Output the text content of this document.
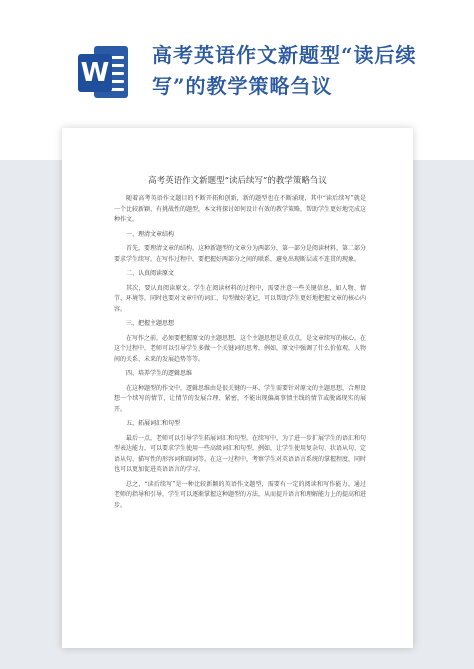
W
高考英语作文新题型“读后续写”的教学策略刍议
高考英语作文新题型“读后续写”的教学策略刍议

随着高考英语作文题目的不断开拓和创新，新的题型也在不断涌现，其中“读后续写”就是一个比较新颖、有挑战性的题型。本文将探讨如何设计有效的教学策略，帮助学生更好地完成这种作文。

一、理清文章结构

首先，要理清文章的结构。这种新题型的文章分为两部分，第一部分是阅读材料，第二部分要求学生续写。在写作过程中，要把握好两部分之间的联系，避免出现断层或不连贯的现象。

二、认真阅读原文

其次，要认真阅读原文。学生在阅读材料的过程中，需要注意一些关键信息，如人物、情节、环境等，同时也要对文章中的词汇、句型做好笔记，可以帮助学生更好地把握文章的核心内容。

三、把握主题思想

在写作之前，必须要把握原文的主题思想，这个主题思想是重点点，是文章续写的核心。在这个过程中，老师可以引导学生多做一个关键词的思考，例如，原文中强调了什么价值观，人物间的关系、未来的发展趋势等等。

四、培养学生的逻辑思维

在这种题型的作文中，逻辑思维由是很关键的一环。学生需要针对原文的主题思想，合理设想一个续写的情节，让情节的发展合理、紧密，不能出现偏离事情主线的情节或脱离现实的展开。

五、拓展词汇和句型

最后一点，老师可以引导学生拓展词汇和句型。在续写中，为了进一步扩展学生的语汇和句型表达能力，可以要求学生使用一些高级词汇和句型，例如，让学生使用复杂句、状语从句、定语从句、描写性的形容词和副词等。在这一过程中，考察学生对英语语言系统的掌握程度，同时也可以更加促进英语语言的学习。

总之，“读后续写”是一种比较新颖的英语作文题型，需要有一定的阅读和写作能力。通过老师的指导和引导，学生可以逐渐掌握这种题型的方法，从而提升语言和理解能力上的提高和进步。
